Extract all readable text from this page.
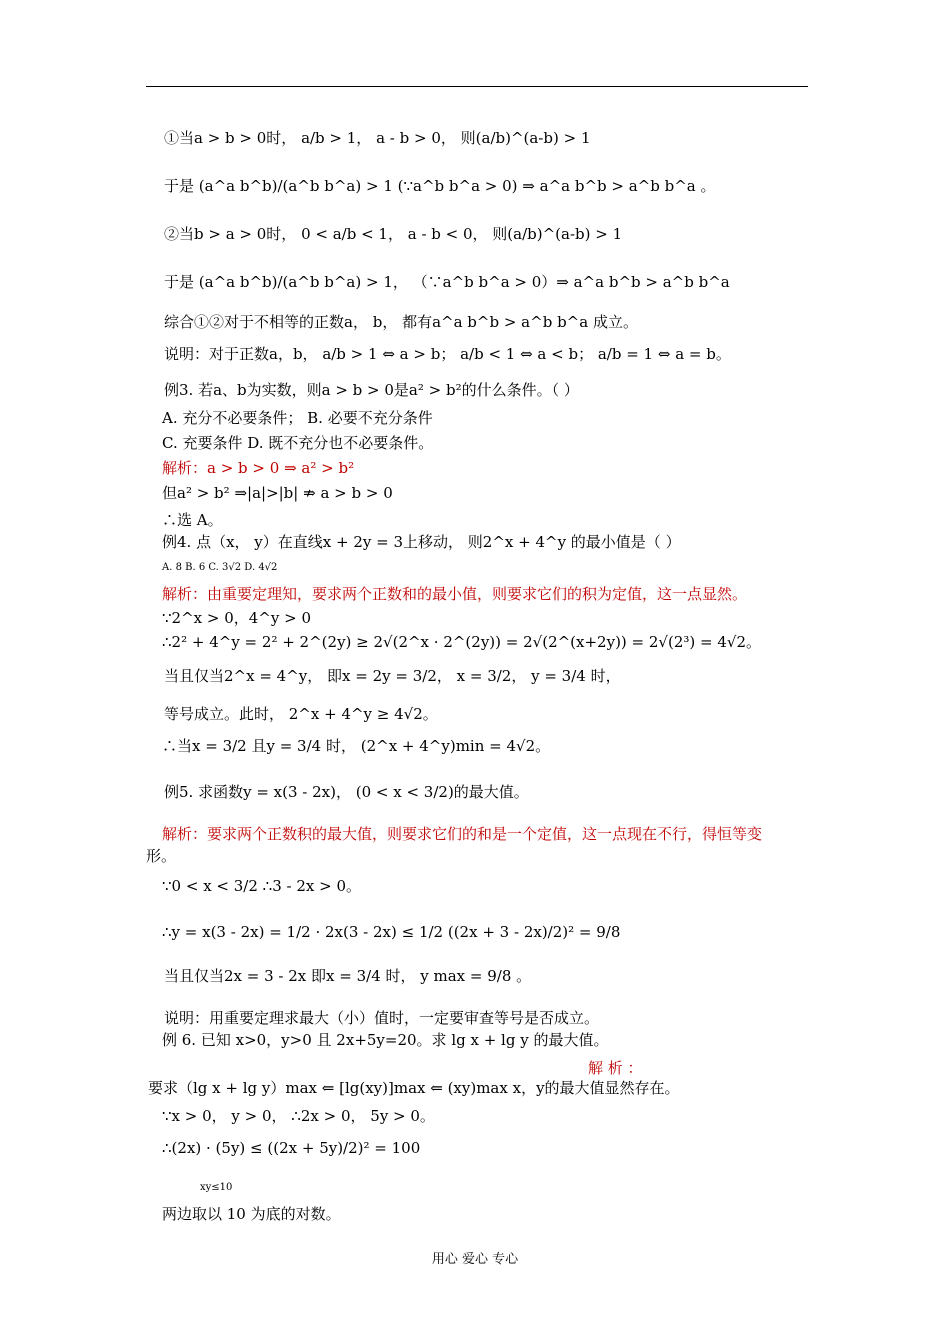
①当a > b > 0时， a/b > 1， a - b > 0， 则(a/b)^(a-b) > 1
于是 (a^a b^b)/(a^b b^a) > 1 (∵a^b b^a > 0) ⇒ a^a b^b > a^b b^a 。
②当b > a > 0时， 0 < a/b < 1， a - b < 0， 则(a/b)^(a-b) > 1
于是 (a^a b^b)/(a^b b^a) > 1， （∵a^b b^a > 0）⇒ a^a b^b > a^b b^a
综合①②对于不相等的正数a， b， 都有a^a b^b > a^b b^a 成立。
说明：对于正数a，b， a/b > 1 ⇔ a > b； a/b < 1 ⇔ a < b； a/b = 1 ⇔ a = b。
例3. 若a、b为实数，则a > b > 0是a² > b²的什么条件。（ ）
A. 充分不必要条件； B. 必要不充分条件
C. 充要条件 D. 既不充分也不必要条件。
解析：a > b > 0 ⇒ a² > b²
但a² > b² ⇒|a|>|b| ⇏ a > b > 0
∴选 A。
例4. 点（x， y）在直线x + 2y = 3上移动， 则2^x + 4^y 的最小值是（ ）
A. 8 B. 6 C. 3√2 D. 4√2
解析：由重要定理知，要求两个正数和的最小值，则要求它们的积为定值，这一点显然。
∵2^x > 0，4^y > 0
∴2² + 4^y = 2² + 2^(2y) ≥ 2√(2^x · 2^(2y)) = 2√(2^(x+2y)) = 2√(2³) = 4√2。
当且仅当2^x = 4^y， 即x = 2y = 3/2， x = 3/2， y = 3/4 时，
等号成立。此时， 2^x + 4^y ≥ 4√2。
∴当x = 3/2 且y = 3/4 时， (2^x + 4^y)min = 4√2。
例5. 求函数y = x(3 - 2x)， (0 < x < 3/2)的最大值。
解析：要求两个正数积的最大值，则要求它们的和是一个定值，这一点现在不行，得恒等变
形。
∵0 < x < 3/2 ∴3 - 2x > 0。
∴y = x(3 - 2x) = 1/2 · 2x(3 - 2x) ≤ 1/2 ((2x + 3 - 2x)/2)² = 9/8
当且仅当2x = 3 - 2x 即x = 3/4 时， y max = 9/8 。
说明：用重要定理求最大（小）值时，一定要审查等号是否成立。
例 6. 已知 x>0，y>0 且 2x+5y=20。求 lg x + lg y 的最大值。
解 析 ：
要求（lg x + lg y）max ⇐ [lg(xy)]max ⇐ (xy)max x，y的最大值显然存在。
∵x > 0， y > 0， ∴2x > 0， 5y > 0。
∴(2x) · (5y) ≤ ((2x + 5y)/2)² = 100
xy≤10
两边取以 10 为底的对数。
用心 爱心 专心
